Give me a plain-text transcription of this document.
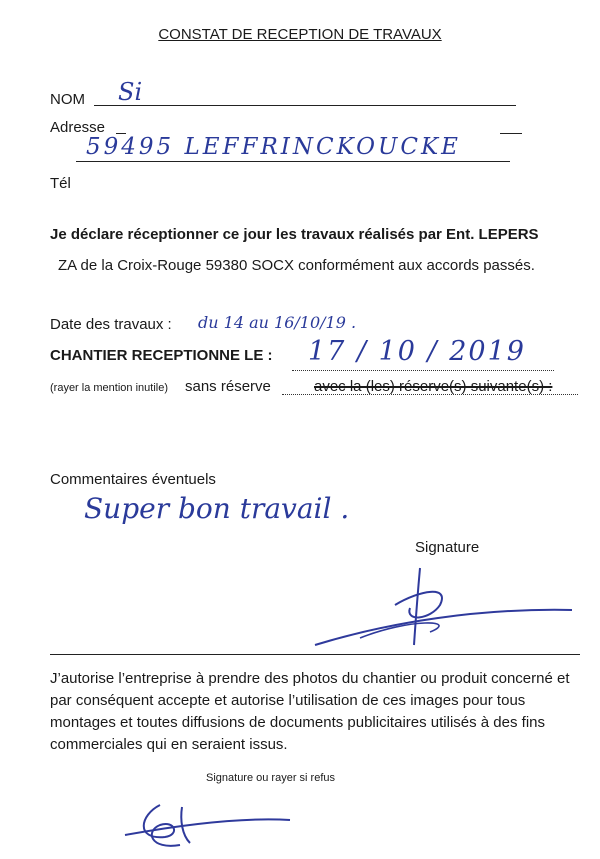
CONSTAT DE RECEPTION DE TRAVAUX
NOM Si
Adresse
59495 LEFFRINCKOUCKE
Tél
Je déclare réceptionner ce jour les travaux réalisés par Ent. LEPERS
ZA de la Croix-Rouge 59380 SOCX conformément aux accords passés.
Date des travaux : du 14 au 16/10/19 .
CHANTIER RECEPTIONNE LE : 17 / 10 / 2019
(rayer la mention inutile) sans réserve	avec la (les) réserve(s) suivante(s) :
Commentaires éventuels
Super bon travail .
Signature
J’autorise l’entreprise à prendre des photos du chantier ou produit concerné et par conséquent accepte et autorise l’utilisation de ces images pour tous montages et toutes diffusions de documents publicitaires utilisés à des fins commerciales qui en seraient issus.
Signature ou rayer si refus
